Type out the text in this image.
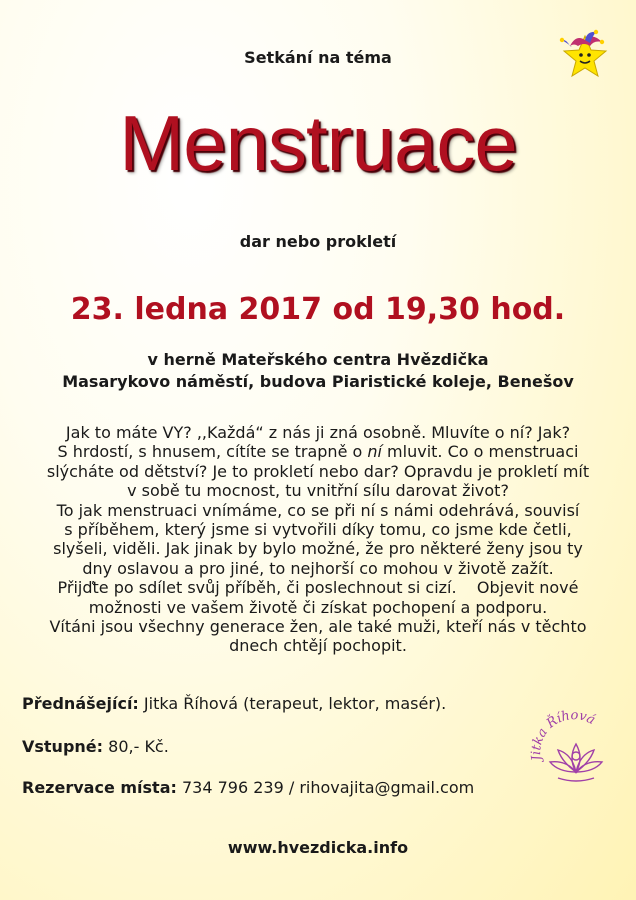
Setkání na téma
Menstruace
dar nebo prokletí
23. ledna 2017 od 19,30 hod.
v herně Mateřského centra Hvězdička
Masarykovo náměstí, budova Piaristické koleje, Benešov

Jak to máte VY? ,,Každá“ z nás ji zná osobně. Mluvíte o ní? Jak?

S hrdostí, s hnusem, cítíte se trapně o ní mluvit. Co o menstruaci

slýcháte od dětství? Je to prokletí nebo dar? Opravdu je prokletí mít

v sobě tu mocnost, tu vnitřní sílu darovat život?

To jak menstruaci vnímáme, co se při ní s námi odehrává, souvisí

s příběhem, který jsme si vytvořili díky tomu, co jsme kde četli,

slyšeli, viděli. Jak jinak by bylo možné, že pro některé ženy jsou ty

dny oslavou a pro jiné, to nejhorší co mohou v životě zažít.

Přijďte po sdílet svůj příběh, či poslechnout si cizí.    Objevit nové

možnosti ve vašem životě či získat pochopení a podporu.

Vítáni jsou všechny generace žen, ale také muži, kteří nás v těchto

dnech chtějí pochopit.

Přednášející: Jitka Říhová (terapeut, lektor, masér).
Vstupné: 80,- Kč.
Rezervace místa: 734 796 239 / rihovajita@gmail.com
Jitka Říhová
www.hvezdicka.info
